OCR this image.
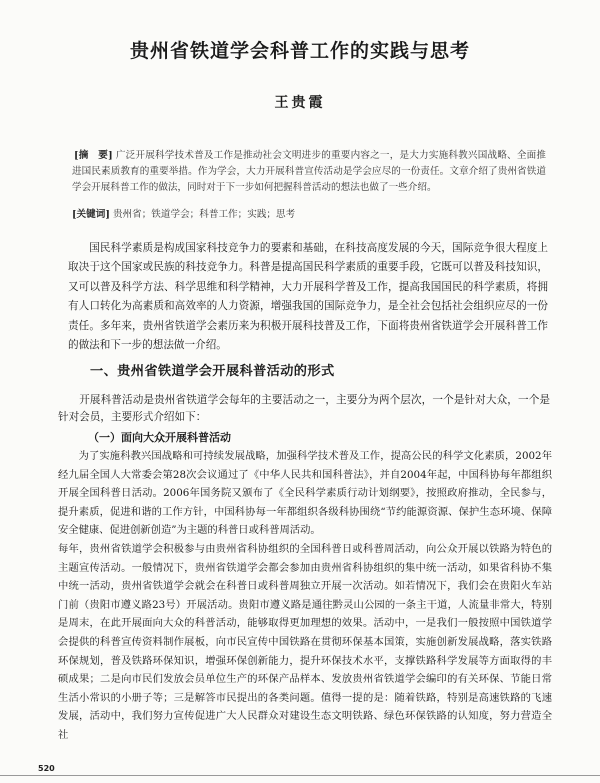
贵州省铁道学会科普工作的实践与思考
王贵霞

[摘　要] 广泛开展科学技术普及工作是推动社会文明进步的重要内容之一，是大力实施科教兴国战略、全面推进国民素质教育的重要举措。作为学会，大力开展科普宣传活动是学会应尽的一份责任。文章介绍了贵州省铁道学会开展科普工作的做法，同时对于下一步如何把握科普活动的想法也做了一些介绍。

[关键词] 贵州省；铁道学会；科普工作；实践；思考

国民科学素质是构成国家科技竞争力的要素和基础，在科技高度发展的今天，国际竞争很大程度上取决于这个国家或民族的科技竞争力。科普是提高国民科学素质的重要手段，它既可以普及科技知识，又可以普及科学方法、科学思维和科学精神，大力开展科学普及工作，提高我国国民的科学素质，将拥有人口转化为高素质和高效率的人力资源，增强我国的国际竞争力，是全社会包括社会组织应尽的一份责任。多年来，贵州省铁道学会素历来为积极开展科技普及工作，下面将贵州省铁道学会开展科普工作的做法和下一步的想法做一介绍。

一、贵州省铁道学会开展科普活动的形式

开展科普活动是贵州省铁道学会每年的主要活动之一，主要分为两个层次，一个是针对大众，一个是针对会员，主要形式介绍如下：

（一）面向大众开展科普活动

为了实施科教兴国战略和可持续发展战略，加强科学技术普及工作，提高公民的科学文化素质，2002年经九届全国人大常委会第28次会议通过了《中华人民共和国科普法》，并自2004年起，中国科协每年都组织开展全国科普日活动。2006年国务院又颁布了《全民科学素质行动计划纲要》，按照政府推动，全民参与，提升素质，促进和谐的工作方针，中国科协每一年都组织各级科协围绕“节约能源资源、保护生态环境、保障安全健康、促进创新创造”为主题的科普日或科普周活动。

每年，贵州省铁道学会积极参与由贵州省科协组织的全国科普日或科普周活动，向公众开展以铁路为特色的主题宣传活动。一般情况下，贵州省铁道学会都会参加由贵州省科协组织的集中统一活动，如果省科协不集中统一活动，贵州省铁道学会就会在科普日或科普周独立开展一次活动。如若情况下，我们会在贵阳火车站门前（贵阳市遵义路23号）开展活动。贵阳市遵义路是通往黔灵山公园的一条主干道，人流量非常大，特别是周末，在此开展面向大众的科普活动，能够取得更加理想的效果。活动中，一是我们一般按照中国铁道学会提供的科普宣传资料制作展板，向市民宣传中国铁路在贯彻环保基本国策，实施创新发展战略，落实铁路环保规划，普及铁路环保知识，增强环保创新能力，提升环保技术水平，支撑铁路科学发展等方面取得的丰硕成果；二是向市民们发放会员单位生产的环保产品样本、发放贵州省铁道学会编印的有关环保、节能日常生活小常识的小册子等；三是解答市民提出的各类问题。值得一提的是：随着铁路，特别是高速铁路的飞速发展，活动中，我们努力宣传促进广大人民群众对建设生态文明铁路、绿色环保铁路的认知度，努力营造全社

520
